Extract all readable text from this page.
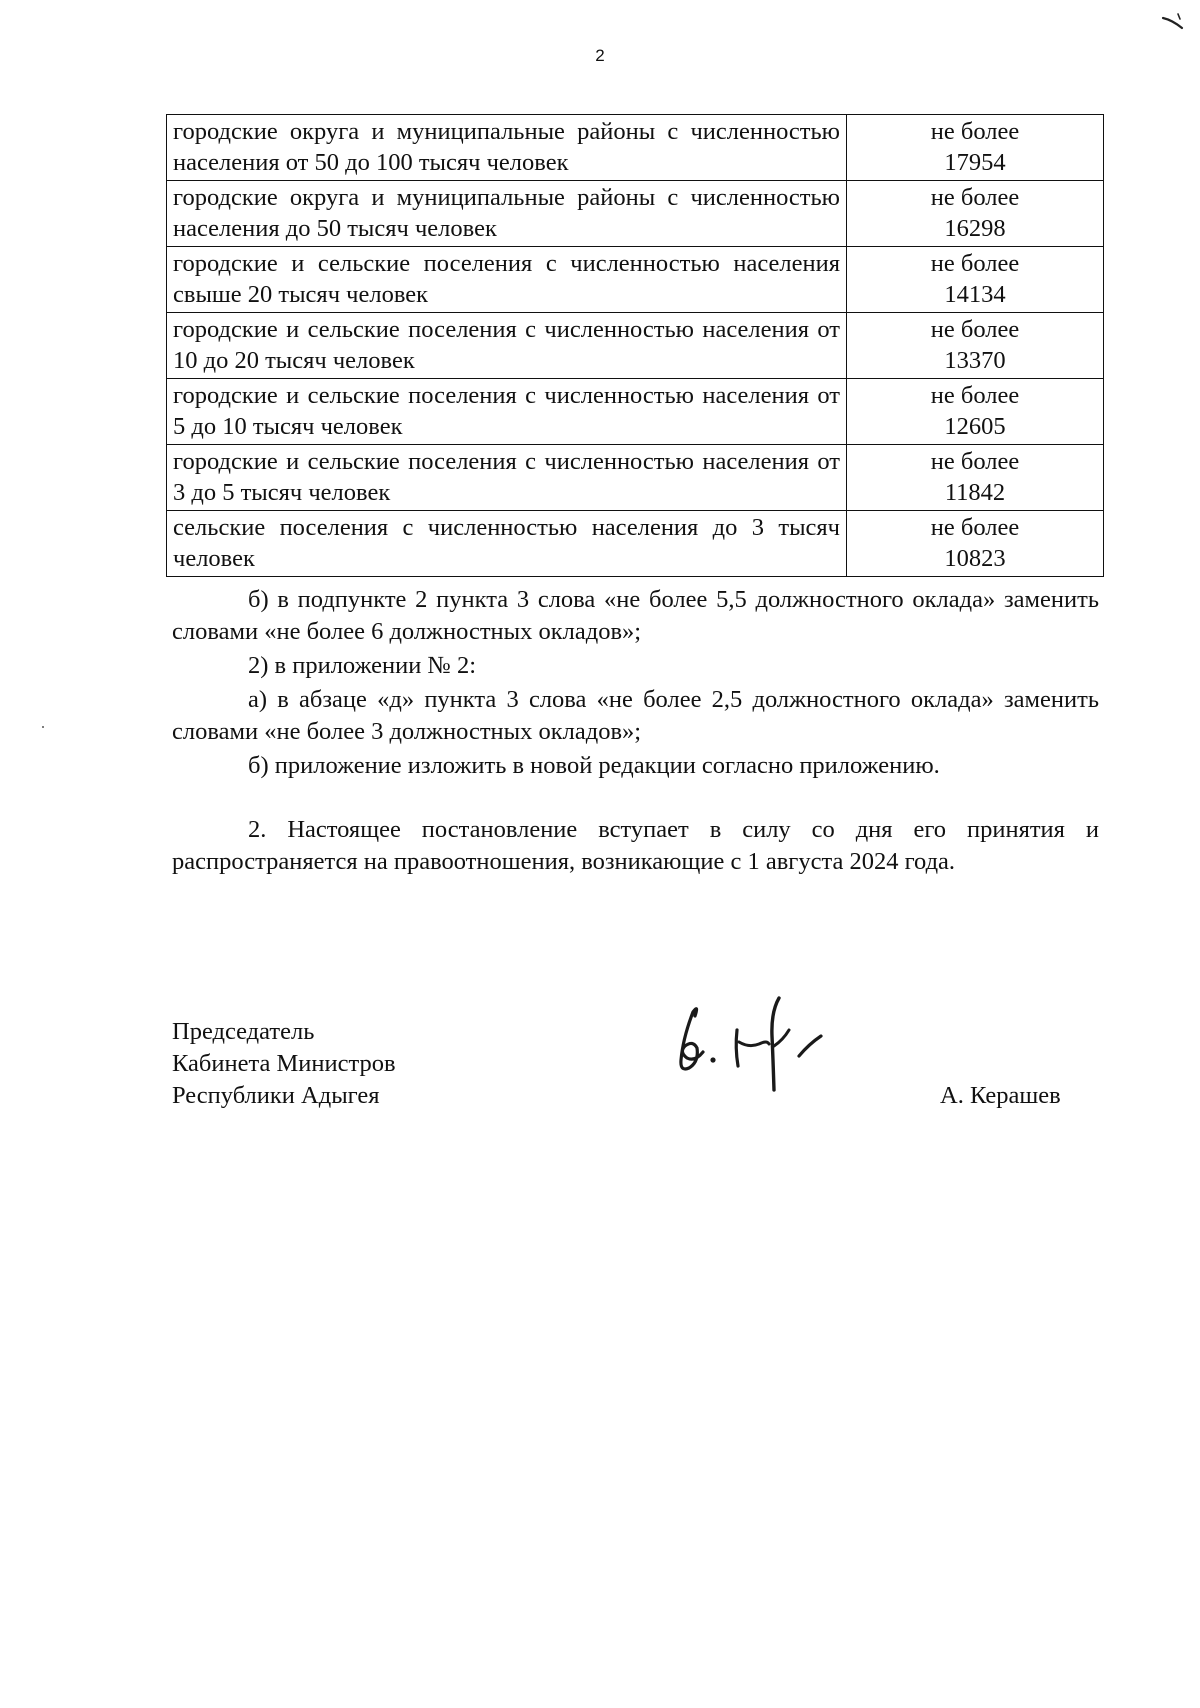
2
городские округа и муниципальные районы с численностью населения от 50 до 100 тысяч человек	не более
17954
городские округа и муниципальные районы с численностью населения до 50 тысяч человек	не более
16298
городские и сельские поселения с численностью населения свыше 20 тысяч человек	не более
14134
городские и сельские поселения с численностью населения от 10 до 20 тысяч человек	не более
13370
городские и сельские поселения с численностью населения от 5 до 10 тысяч человек	не более
12605
городские и сельские поселения с численностью населения от 3 до 5 тысяч человек	не более
11842
сельские поселения с численностью населения до 3 тысяч человек	не более
10823

б) в подпункте 2 пункта 3 слова «не более 5,5 должностного оклада» заменить словами «не более 6 должностных окладов»;

2) в приложении № 2:

а) в абзаце «д» пункта 3 слова «не более 2,5 должностного оклада» заменить словами «не более 3 должностных окладов»;

б) приложение изложить в новой редакции согласно приложению.

2. Настоящее постановление вступает в силу со дня его принятия и распространяется на правоотношения, возникающие с 1 августа 2024 года.

Председатель
Кабинета Министров
Республики Адыгея	А. Керашев
